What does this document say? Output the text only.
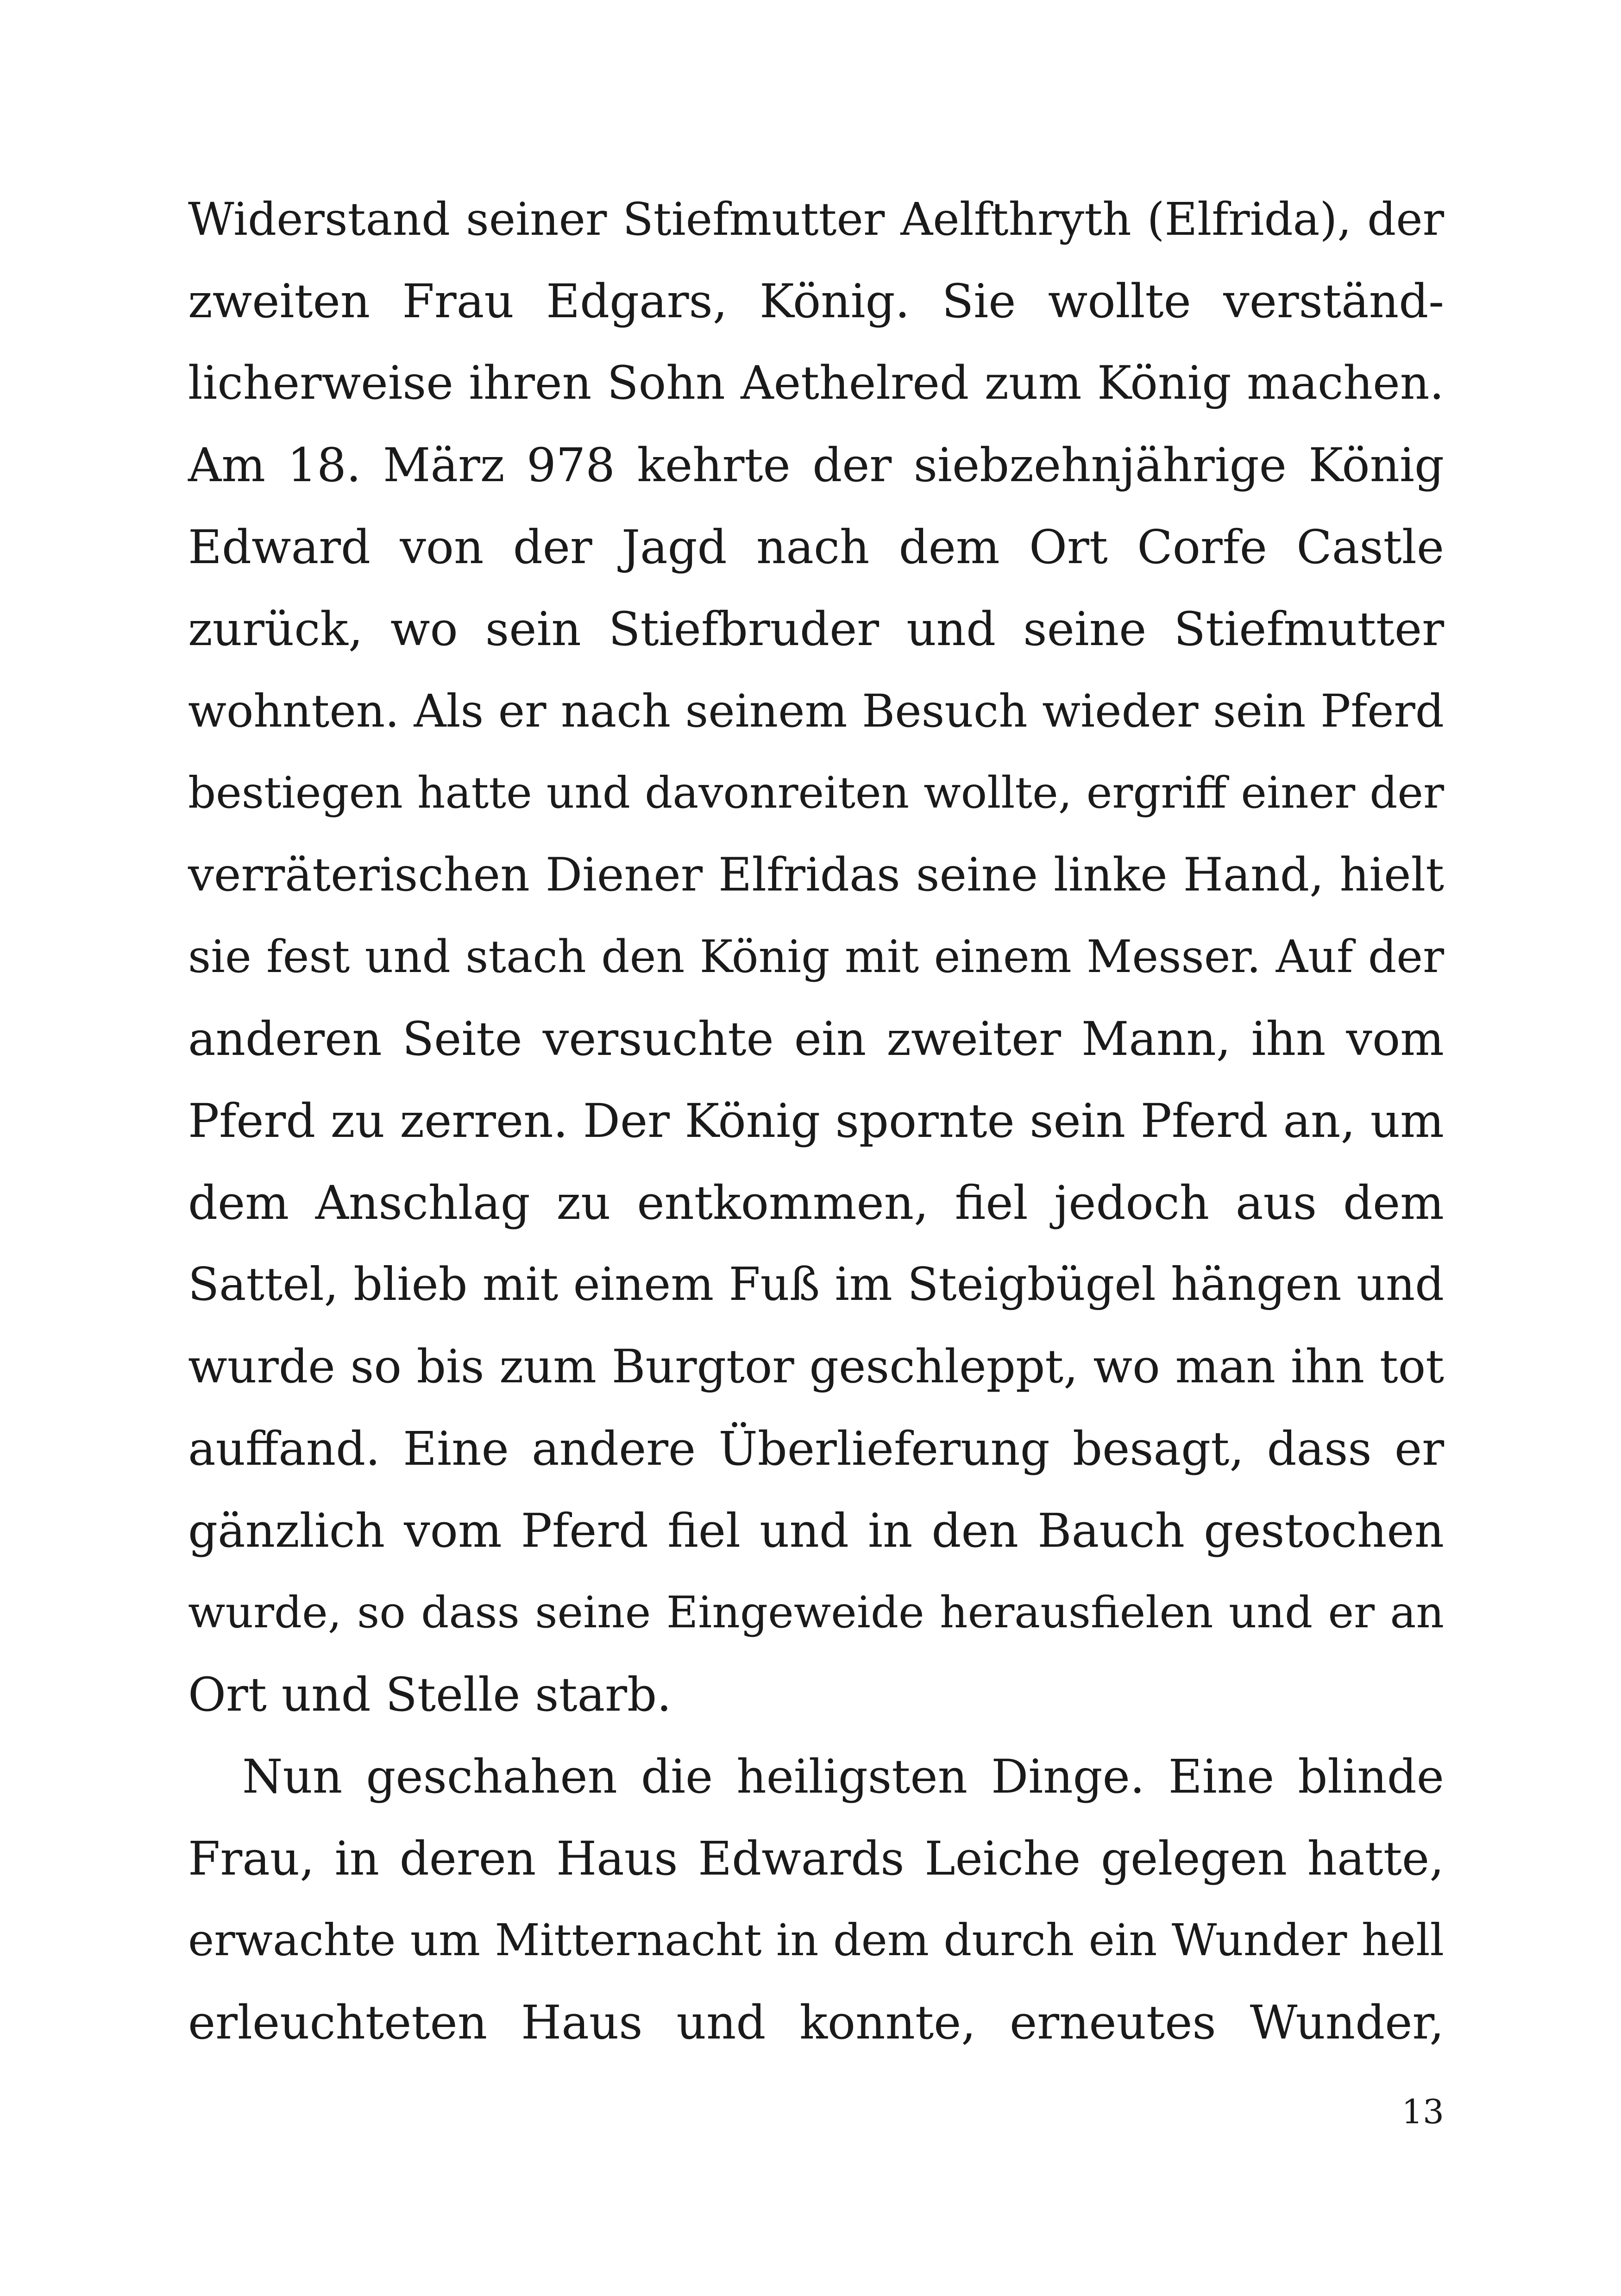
Widerstand seiner Stiefmutter Aelfthryth (Elfrida), der
zweiten Frau Edgars, König. Sie wollte verständ-
licherweise ihren Sohn Aethelred zum König machen.
Am 18. März 978 kehrte der siebzehnjährige König
Edward von der Jagd nach dem Ort Corfe Castle
zurück, wo sein Stiefbruder und seine Stiefmutter
wohnten. Als er nach seinem Besuch wieder sein Pferd
bestiegen hatte und davonreiten wollte, ergriff einer der
verräterischen Diener Elfridas seine linke Hand, hielt
sie fest und stach den König mit einem Messer. Auf der
anderen Seite versuchte ein zweiter Mann, ihn vom
Pferd zu zerren. Der König spornte sein Pferd an, um
dem Anschlag zu entkommen, fiel jedoch aus dem
Sattel, blieb mit einem Fuß im Steigbügel hängen und
wurde so bis zum Burgtor geschleppt, wo man ihn tot
auffand. Eine andere Überlieferung besagt, dass er
gänzlich vom Pferd fiel und in den Bauch gestochen
wurde, so dass seine Eingeweide herausfielen und er an
Ort und Stelle starb.
Nun geschahen die heiligsten Dinge. Eine blinde
Frau, in deren Haus Edwards Leiche gelegen hatte,
erwachte um Mitternacht in dem durch ein Wunder hell
erleuchteten Haus und konnte, erneutes Wunder,
13
